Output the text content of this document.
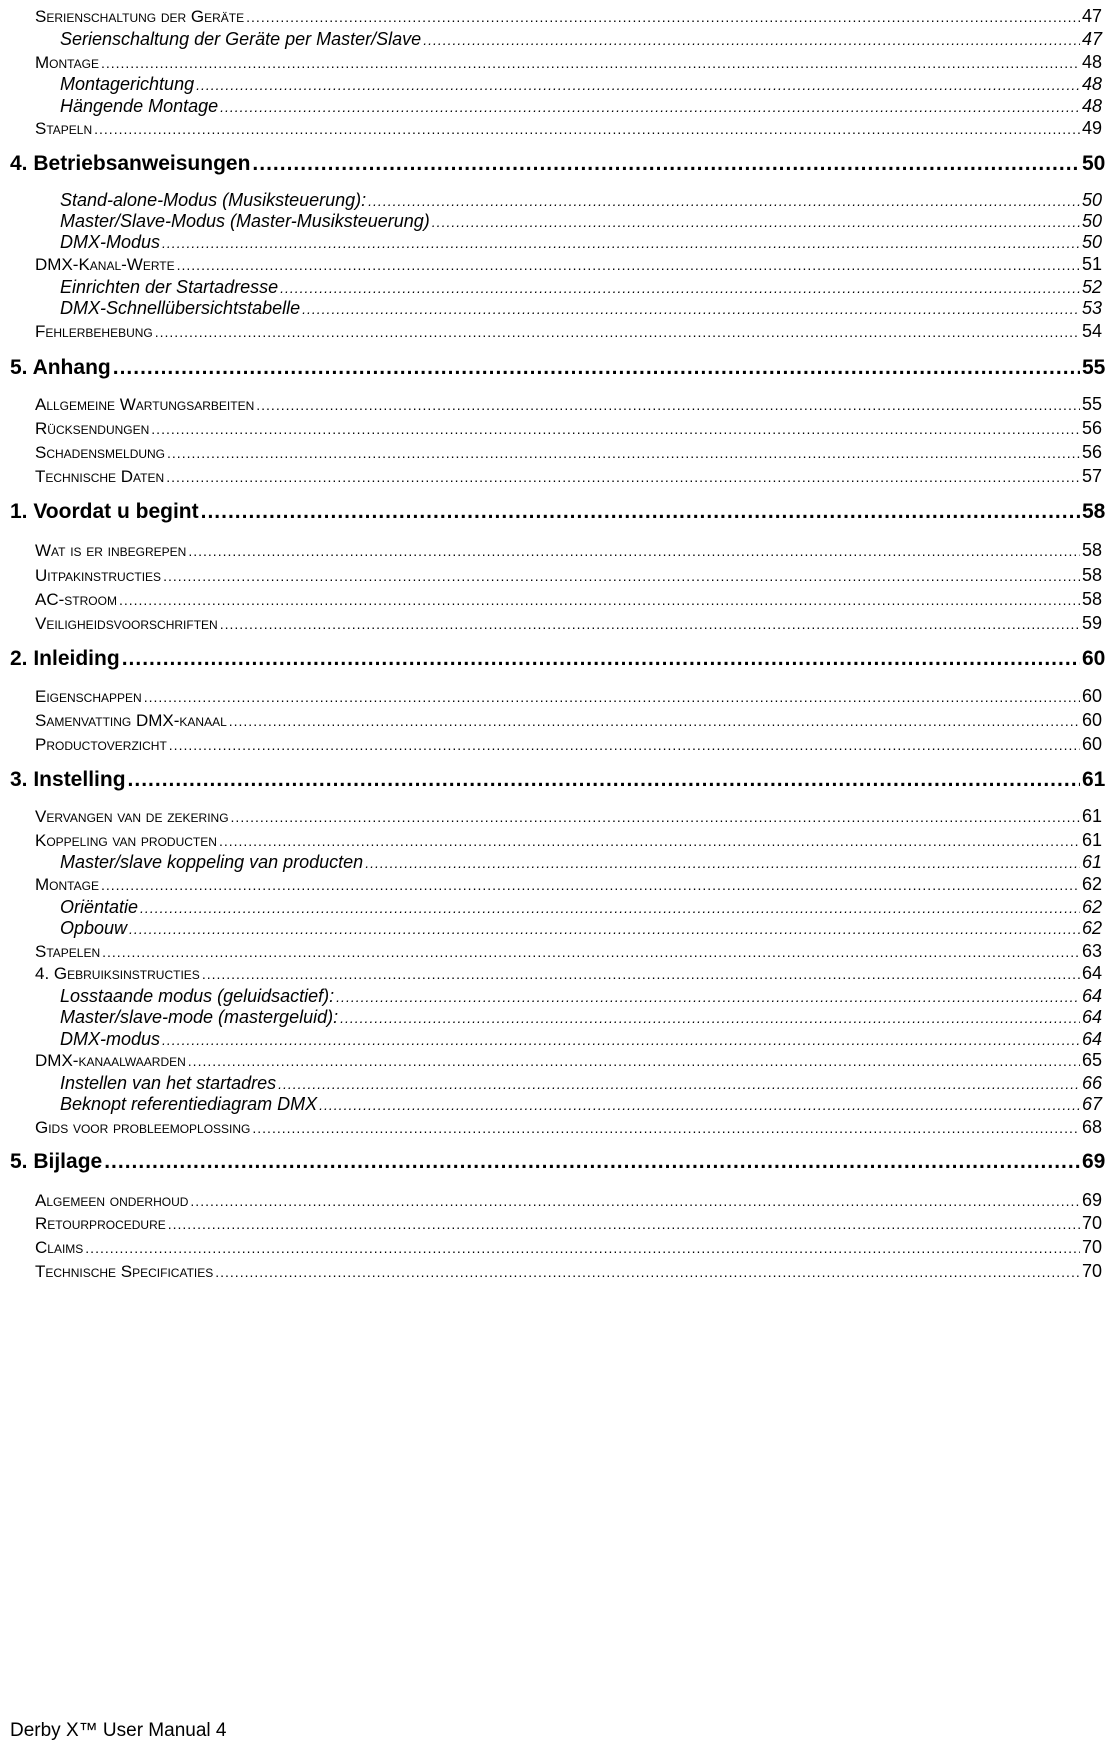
Serienschaltung der Geräte .....	47
Serienschaltung der Geräte per Master/Slave .....	47
Montage .....	48
Montagerichtung .....	48
Hängende Montage .....	48
Stapeln .....	49
4. Betriebsanweisungen .....	50
Stand-alone-Modus (Musiksteuerung): .....	50
Master/Slave-Modus (Master-Musiksteuerung) .....	50
DMX-Modus .....	50
DMX-Kanal-Werte .....	51
Einrichten der Startadresse .....	52
DMX-Schnellübersichtstabelle .....	53
Fehlerbehebung .....	54
5. Anhang .....	55
Allgemeine Wartungsarbeiten .....	55
Rücksendungen .....	56
Schadensmeldung .....	56
Technische Daten .....	57
1. Voordat u begint .....	58
Wat is er inbegrepen .....	58
Uitpakinstructies .....	58
AC-stroom .....	58
Veiligheidsvoorschriften .....	59
2. Inleiding .....	60
Eigenschappen .....	60
Samenvatting DMX-kanaal .....	60
Productoverzicht .....	60
3. Instelling .....	61
Vervangen van de zekering .....	61
Koppeling van producten .....	61
Master/slave koppeling van producten .....	61
Montage .....	62
Oriëntatie .....	62
Opbouw .....	62
Stapelen .....	63
4. Gebruiksinstructies .....	64
Losstaande modus (geluidsactief): .....	64
Master/slave-mode (mastergeluid): .....	64
DMX-modus .....	64
DMX-kanaalwaarden .....	65
Instellen van het startadres .....	66
Beknopt referentiediagram DMX .....	67
Gids voor probleemoplossing .....	68
5. Bijlage .....	69
Algemeen onderhoud .....	69
Retourprocedure .....	70
Claims .....	70
Technische Specificaties .....	70
Derby X™ User Manual 4
